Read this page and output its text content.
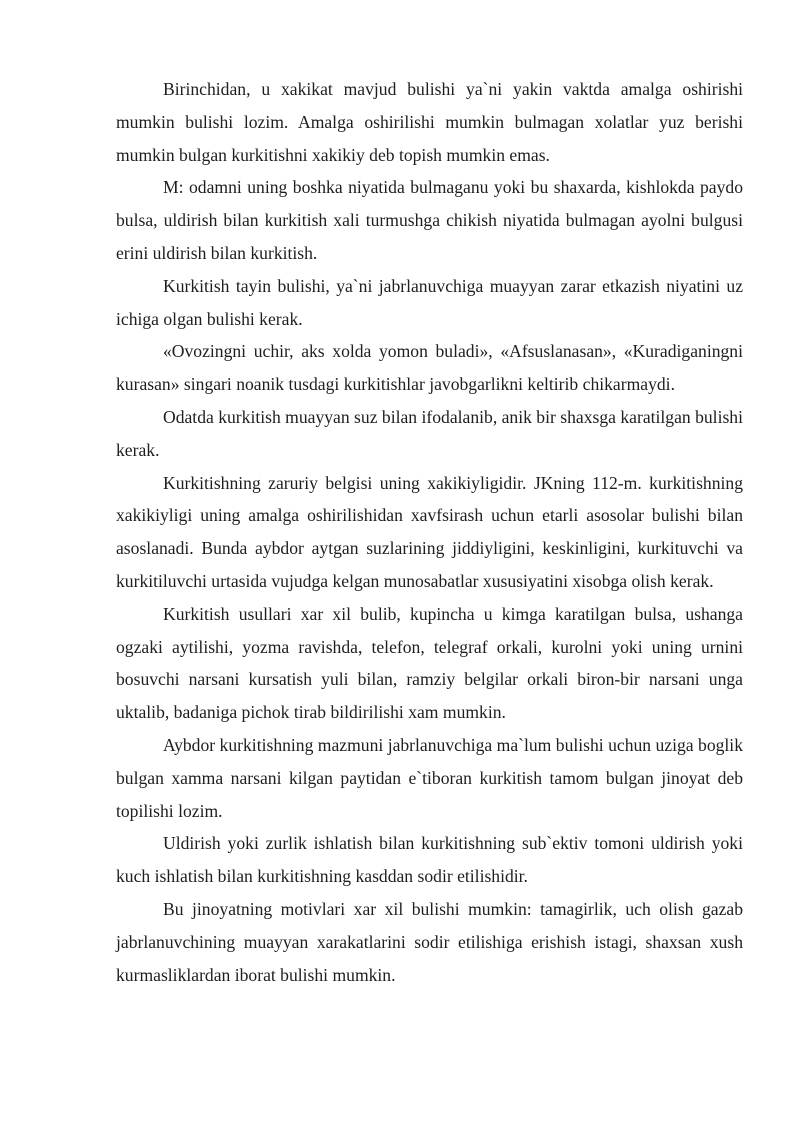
Birinchidan, u xakikat mavjud bulishi ya`ni yakin vaktda amalga oshirishi mumkin bulishi lozim. Amalga oshirilishi mumkin bulmagan xolatlar yuz berishi mumkin bulgan kurkitishni xakikiy deb topish mumkin emas.

M: odamni uning boshka niyatida bulmaganu yoki bu shaxarda, kishlokda paydo bulsa, uldirish bilan kurkitish xali turmushga chikish niyatida bulmagan ayolni bulgusi erini uldirish bilan kurkitish.

Kurkitish tayin bulishi, ya`ni jabrlanuvchiga muayyan zarar etkazish niyatini uz ichiga olgan bulishi kerak.

«Ovozingni uchir, aks xolda yomon buladi», «Afsuslanasan», «Kuradiganingni kurasan» singari noanik tusdagi kurkitishlar javobgarlikni keltirib chikarmaydi.

Odatda kurkitish muayyan suz bilan ifodalanib, anik bir shaxsga karatilgan bulishi kerak.

Kurkitishning zaruriy belgisi uning xakikiyligidir. JKning 112-m. kurkitishning xakikiyligi uning amalga oshirilishidan xavfsirash uchun etarli asosolar bulishi bilan asoslanadi. Bunda aybdor aytgan suzlarining jiddiyligini, keskinligini, kurkituvchi va kurkitiluvchi urtasida vujudga kelgan munosabatlar xususiyatini xisobga olish kerak.

Kurkitish usullari xar xil bulib, kupincha u kimga karatilgan bulsa, ushanga ogzaki aytilishi, yozma ravishda, telefon, telegraf orkali, kurolni yoki uning urnini bosuvchi narsani kursatish yuli bilan, ramziy belgilar orkali biron-bir narsani unga uktalib, badaniga pichok tirab bildirilishi xam mumkin.

Aybdor kurkitishning mazmuni jabrlanuvchiga ma`lum bulishi uchun uziga boglik bulgan xamma narsani kilgan paytidan e`tiboran kurkitish tamom bulgan jinoyat deb topilishi lozim.

Uldirish yoki zurlik ishlatish bilan kurkitishning sub`ektiv tomoni uldirish yoki kuch ishlatish bilan kurkitishning kasddan sodir etilishidir.

Bu jinoyatning motivlari xar xil bulishi mumkin: tamagirlik, uch olish gazab jabrlanuvchining muayyan xarakatlarini sodir etilishiga erishish istagi, shaxsan xush kurmasliklardan iborat bulishi mumkin.
